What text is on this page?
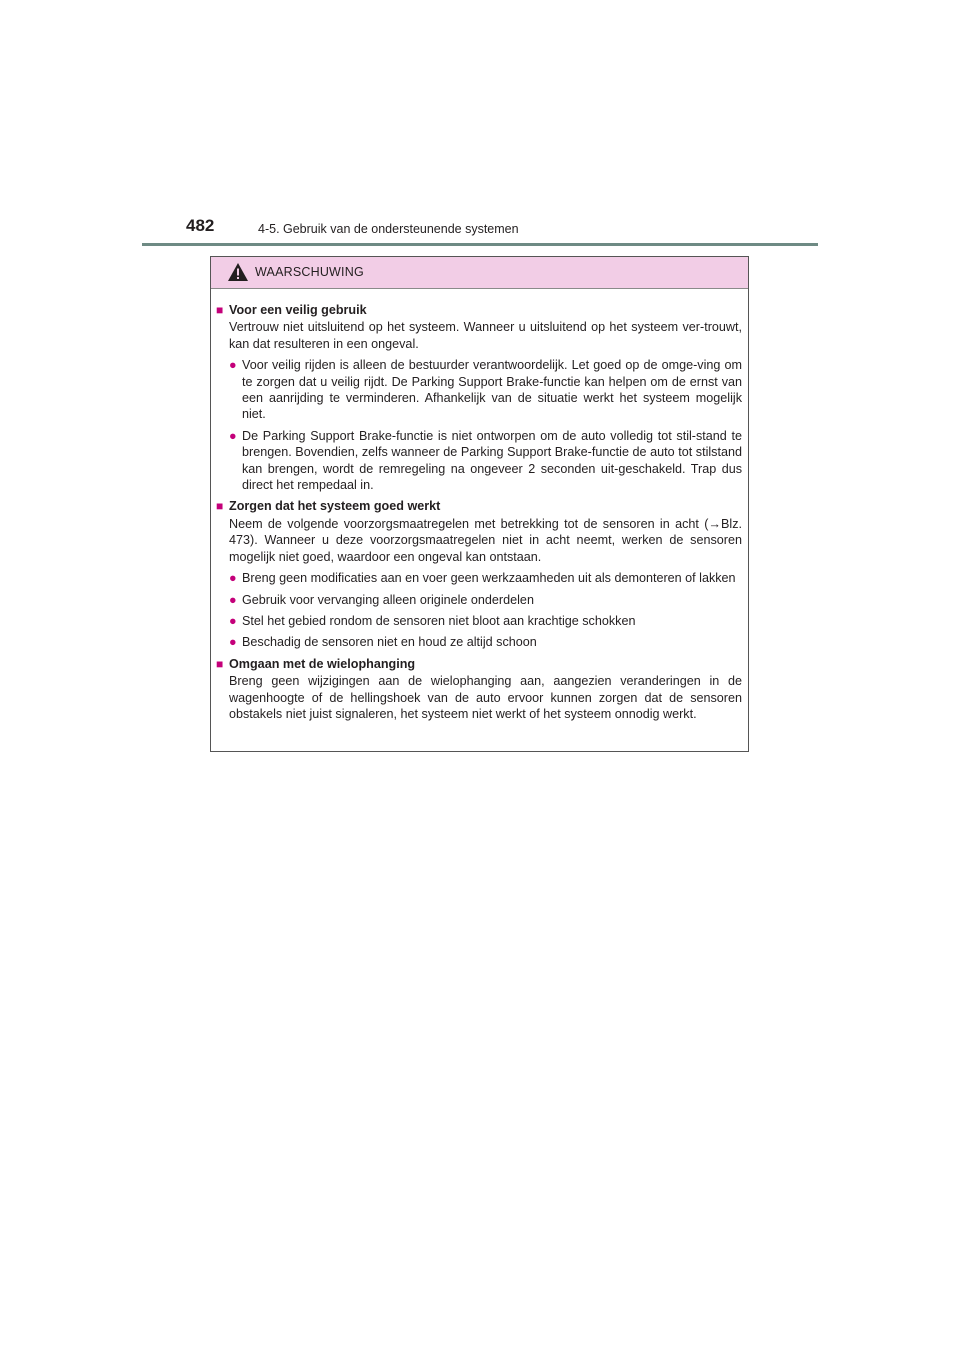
482	4-5. Gebruik van de ondersteunende systemen
WAARSCHUWING
■ Voor een veilig gebruik
Vertrouw niet uitsluitend op het systeem. Wanneer u uitsluitend op het systeem ver-trouwt, kan dat resulteren in een ongeval.
● Voor veilig rijden is alleen de bestuurder verantwoordelijk. Let goed op de omge-ving om te zorgen dat u veilig rijdt. De Parking Support Brake-functie kan helpen om de ernst van een aanrijding te verminderen. Afhankelijk van de situatie werkt het systeem mogelijk niet.
● De Parking Support Brake-functie is niet ontworpen om de auto volledig tot stil-stand te brengen. Bovendien, zelfs wanneer de Parking Support Brake-functie de auto tot stilstand kan brengen, wordt de remregeling na ongeveer 2 seconden uit-geschakeld. Trap dus direct het rempedaal in.
■ Zorgen dat het systeem goed werkt
Neem de volgende voorzorgsmaatregelen met betrekking tot de sensoren in acht (→Blz. 473). Wanneer u deze voorzorgsmaatregelen niet in acht neemt, werken de sensoren mogelijk niet goed, waardoor een ongeval kan ontstaan.
● Breng geen modificaties aan en voer geen werkzaamheden uit als demonteren of lakken
● Gebruik voor vervanging alleen originele onderdelen
● Stel het gebied rondom de sensoren niet bloot aan krachtige schokken
● Beschadig de sensoren niet en houd ze altijd schoon
■ Omgaan met de wielophanging
Breng geen wijzigingen aan de wielophanging aan, aangezien veranderingen in de wagenhoogte of de hellingshoek van de auto ervoor kunnen zorgen dat de sensoren obstakels niet juist signaleren, het systeem niet werkt of het systeem onnodig werkt.
